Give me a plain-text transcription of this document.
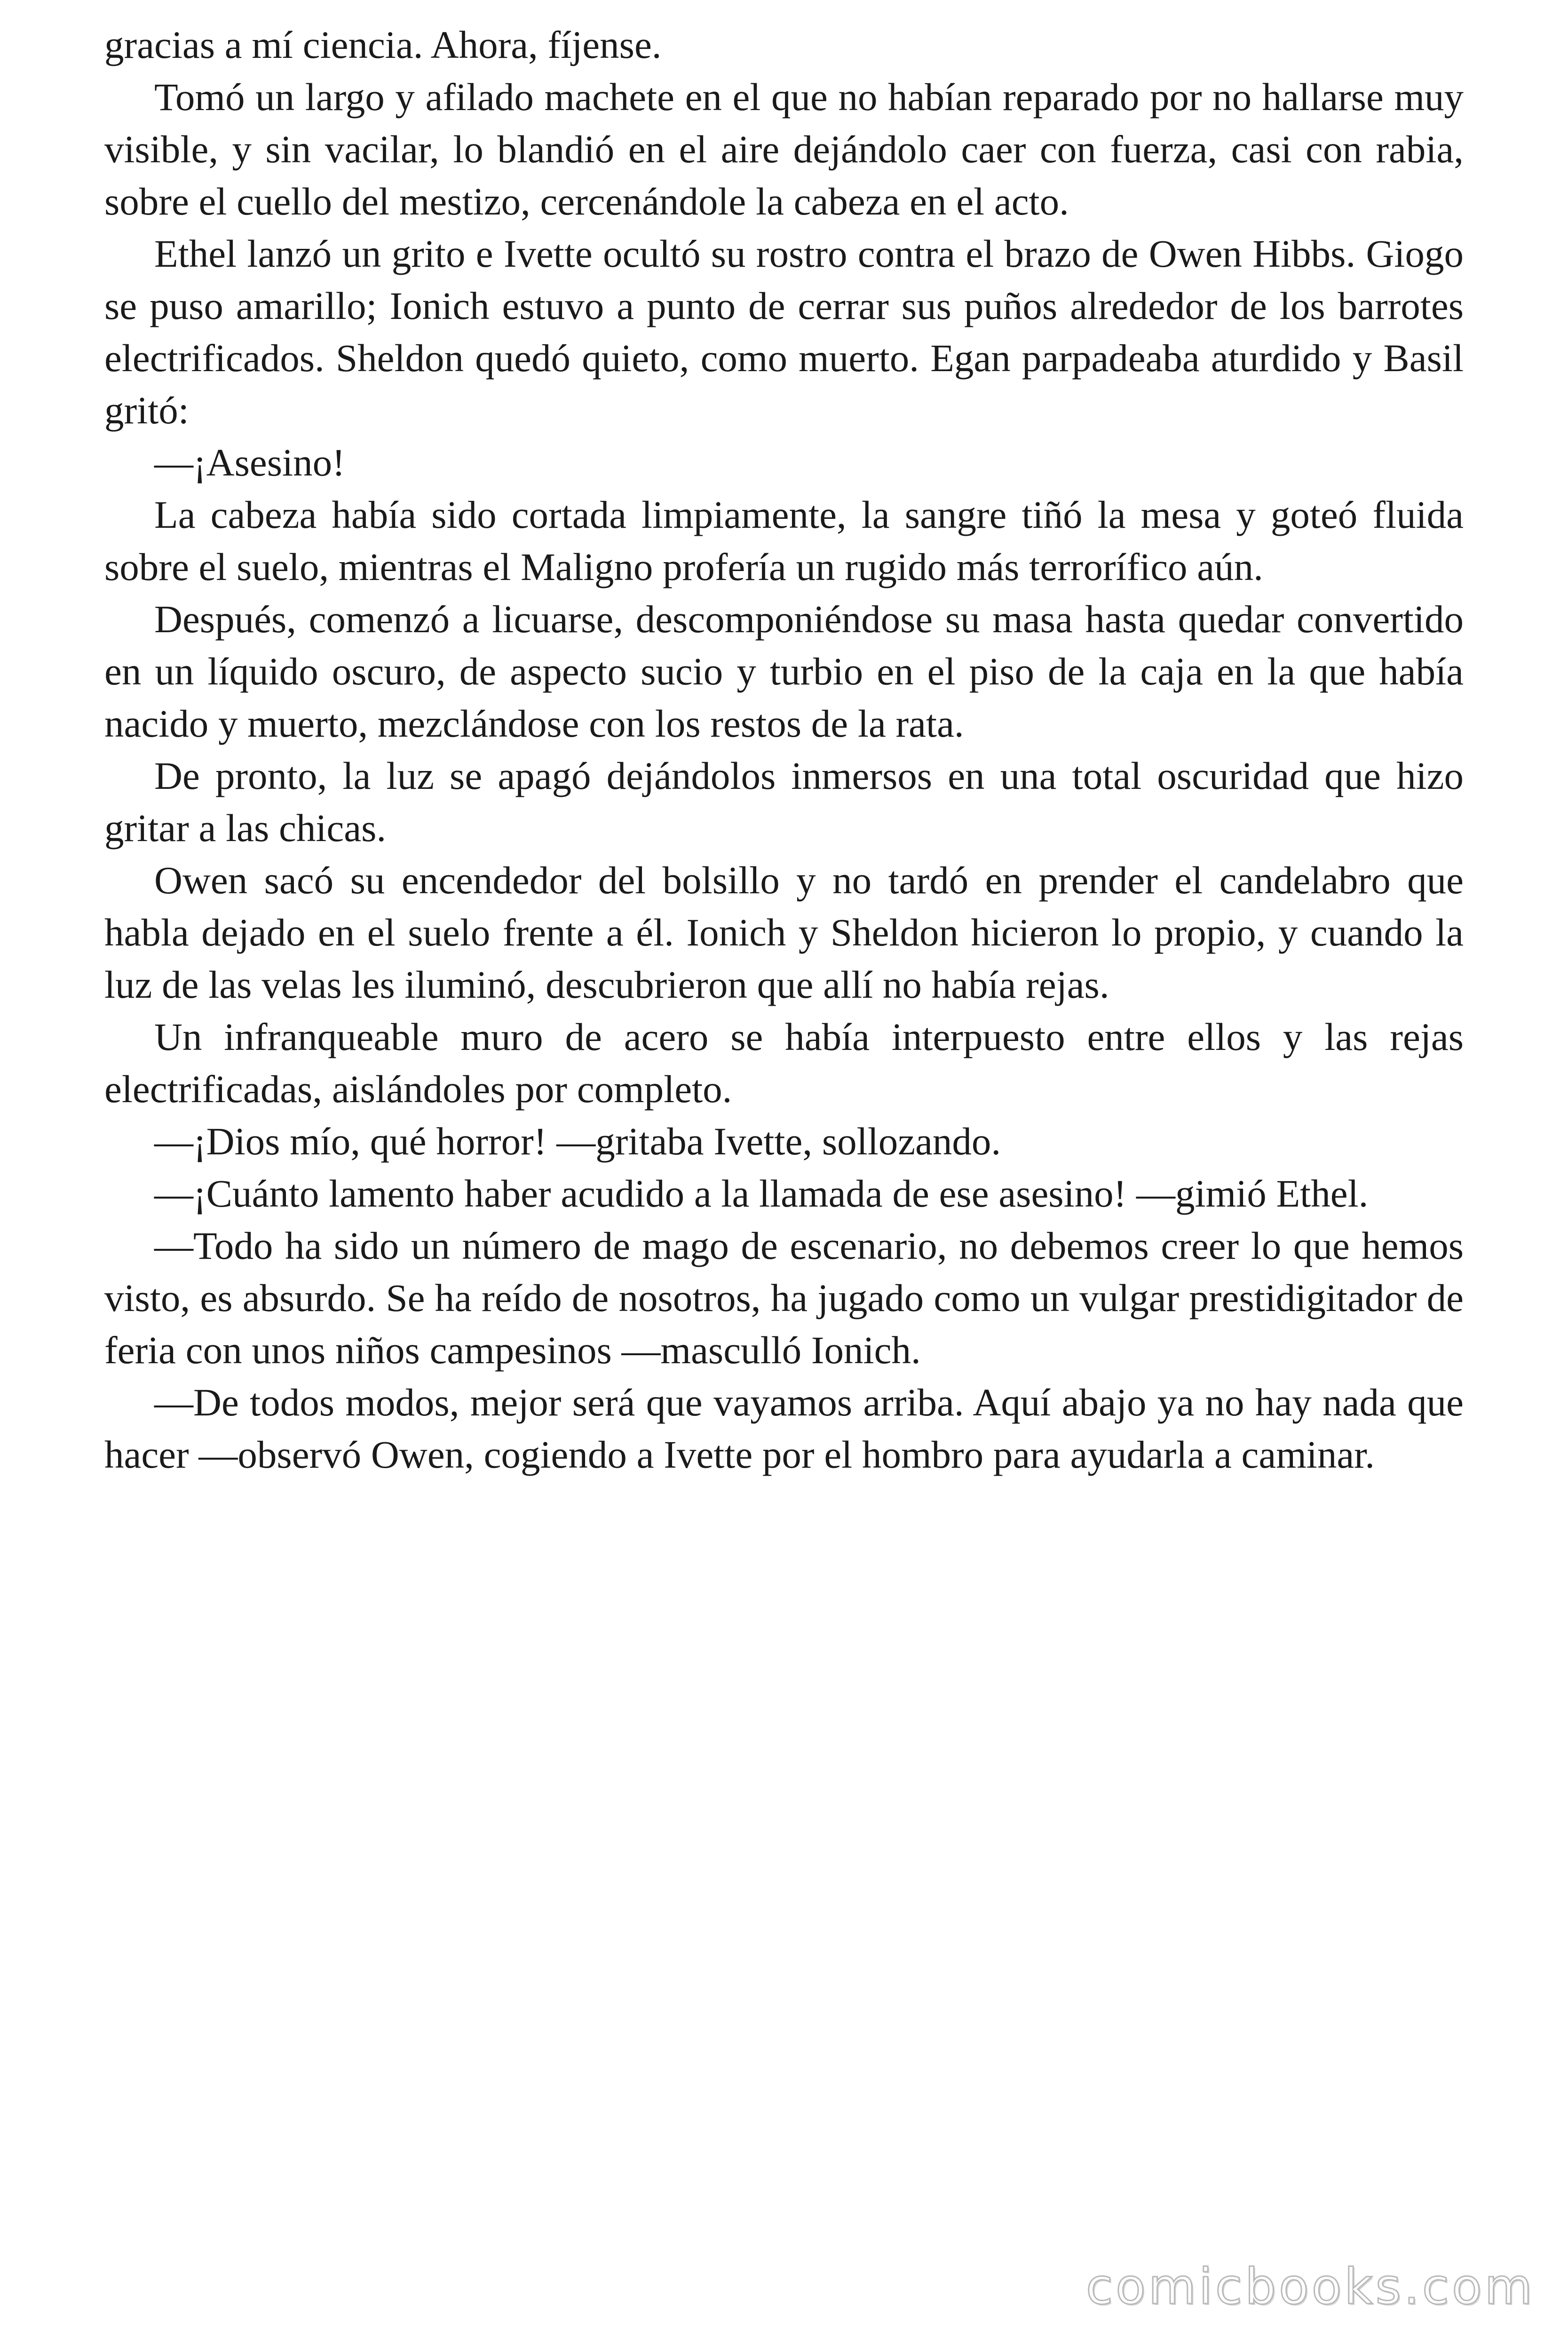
gracias a mí ciencia. Ahora, fíjense.

Tomó un largo y afilado machete en el que no habían reparado por no hallarse muy visible, y sin vacilar, lo blandió en el aire dejándolo caer con fuerza, casi con rabia, sobre el cuello del mestizo, cercenándole la cabeza en el acto.

Ethel lanzó un grito e Ivette ocultó su rostro contra el brazo de Owen Hibbs. Giogo se puso amarillo; Ionich estuvo a punto de cerrar sus puños alrededor de los barrotes electrificados. Sheldon quedó quieto, como muerto. Egan parpadeaba aturdido y Basil gritó:

—¡Asesino!

La cabeza había sido cortada limpiamente, la sangre tiñó la mesa y goteó fluida sobre el suelo, mientras el Maligno profería un rugido más terrorífico aún.

Después, comenzó a licuarse, descomponiéndose su masa hasta quedar convertido en un líquido oscuro, de aspecto sucio y turbio en el piso de la caja en la que había nacido y muerto, mezclándose con los restos de la rata.

De pronto, la luz se apagó dejándolos inmersos en una total oscuridad que hizo gritar a las chicas.

Owen sacó su encendedor del bolsillo y no tardó en prender el candelabro que habla dejado en el suelo frente a él. Ionich y Sheldon hicieron lo propio, y cuando la luz de las velas les iluminó, descubrieron que allí no había rejas.

Un infranqueable muro de acero se había interpuesto entre ellos y las rejas electrificadas, aislándoles por completo.

—¡Dios mío, qué horror! —gritaba Ivette, sollozando.

—¡Cuánto lamento haber acudido a la llamada de ese asesino! —gimió Ethel.

—Todo ha sido un número de mago de escenario, no debemos creer lo que hemos visto, es absurdo. Se ha reído de nosotros, ha jugado como un vulgar prestidigitador de feria con unos niños campesinos —masculló Ionich.

—De todos modos, mejor será que vayamos arriba. Aquí abajo ya no hay nada que hacer —observó Owen, cogiendo a Ivette por el hombro para ayudarla a caminar.

comicbooks.com
